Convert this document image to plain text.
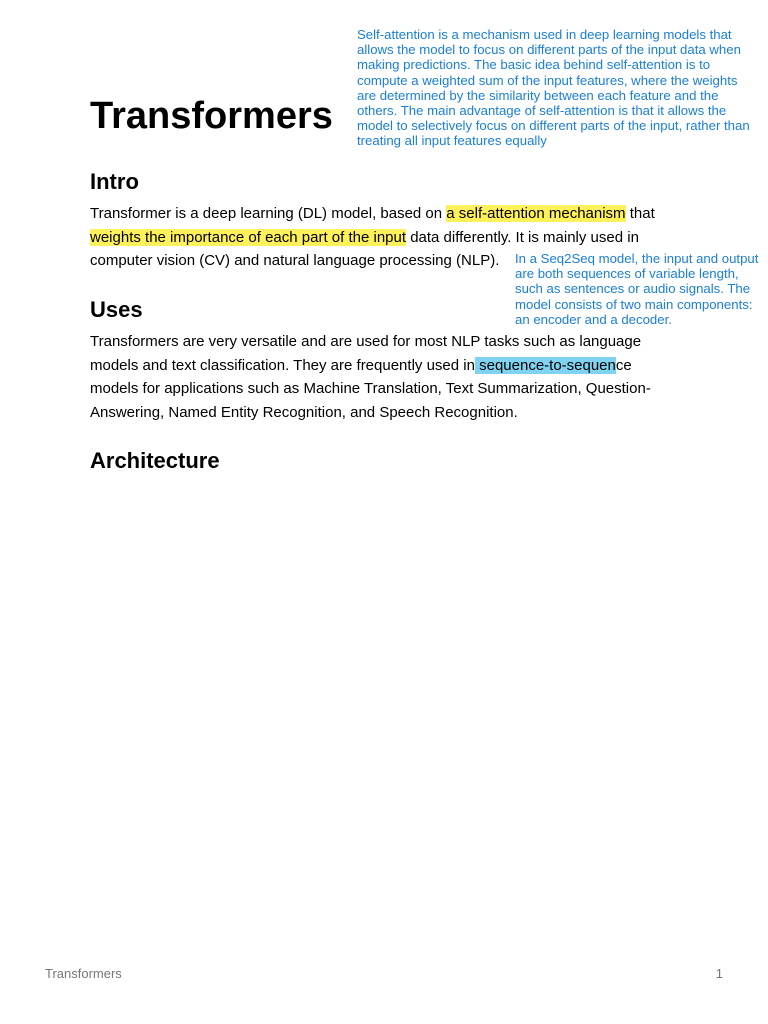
Self-attention is a mechanism used in deep learning models that allows the model to focus on different parts of the input data when making predictions. The basic idea behind self-attention is to compute a weighted sum of the input features, where the weights are determined by the similarity between each feature and the others. The main advantage of self-attention is that it allows the model to selectively focus on different parts of the input, rather than treating all input features equally

Transformers
Intro

Transformer is a deep learning (DL) model, based on a self-attention mechanism that weights the importance of each part of the input data differently. It is mainly used in computer vision (CV) and natural language processing (NLP).	In a Seq2Seq model, the input and output are both sequences of variable length, such as sentences or audio signals. The model consists of two main components: an encoder and a decoder.

Uses

Transformers are very versatile and are used for most NLP tasks such as language models and text classification. They are frequently used in sequence-to-sequence models for applications such as Machine Translation, Text Summarization, Question-Answering, Named Entity Recognition, and Speech Recognition.

Architecture
Transformers	1
